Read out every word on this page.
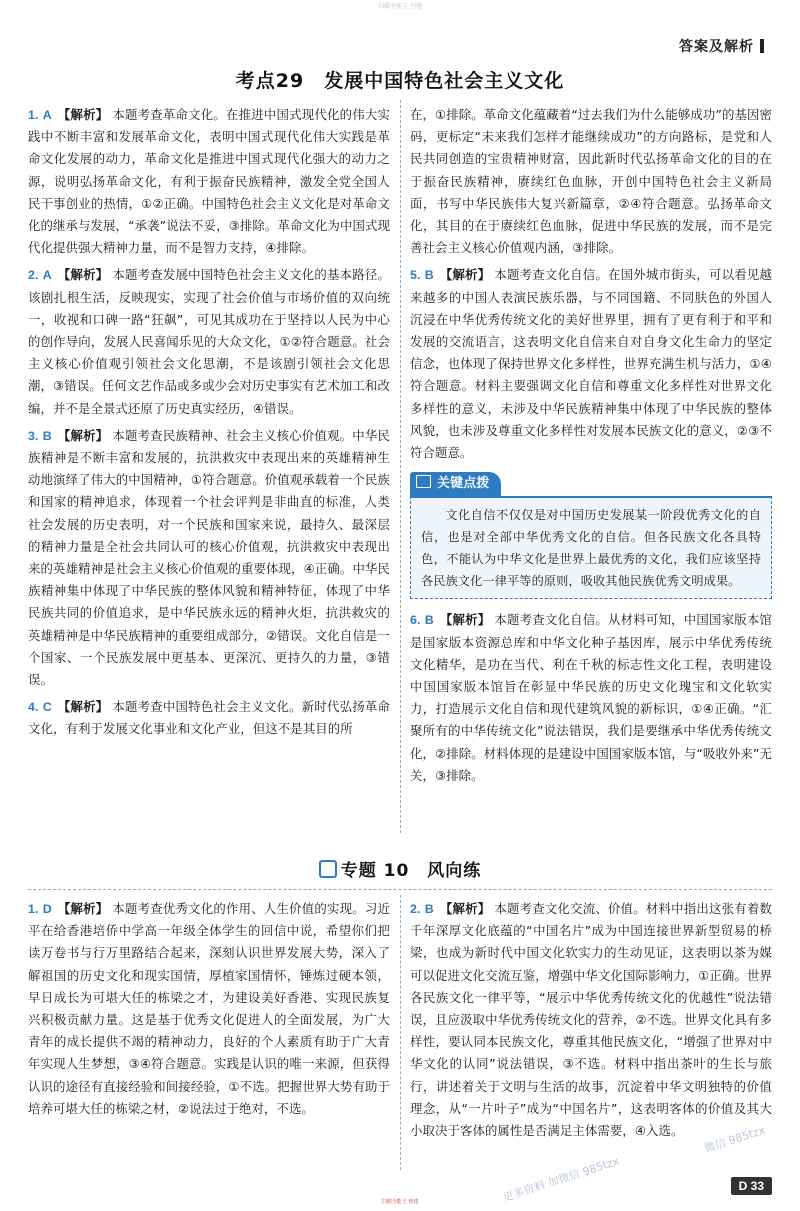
扫描全能王 创建
答案及解析
考点29　发展中国特色社会主义文化

1. A 【解析】 本题考查革命文化。在推进中国式现代化的伟大实践中不断丰富和发展革命文化，表明中国式现代化伟大实践是革命文化发展的动力，革命文化是推进中国式现代化强大的动力之源，说明弘扬革命文化，有利于振奋民族精神，激发全党全国人民干事创业的热情，①②正确。中国特色社会主义文化是对革命文化的继承与发展，“承袭”说法不妥，③排除。革命文化为中国式现代化提供强大精神力量，而不是智力支持，④排除。

2. A 【解析】 本题考查发展中国特色社会主义文化的基本路径。该剧扎根生活，反映现实，实现了社会价值与市场价值的双向统一，收视和口碑一路“狂飙”，可见其成功在于坚持以人民为中心的创作导向，发展人民喜闻乐见的大众文化，①②符合题意。社会主义核心价值观引领社会文化思潮，不是该剧引领社会文化思潮，③错误。任何文艺作品或多或少会对历史事实有艺术加工和改编，并不是全景式还原了历史真实经历，④错误。

3. B 【解析】 本题考查民族精神、社会主义核心价值观。中华民族精神是不断丰富和发展的，抗洪救灾中表现出来的英雄精神生动地演绎了伟大的中国精神，①符合题意。价值观承载着一个民族和国家的精神追求，体现着一个社会评判是非曲直的标准，人类社会发展的历史表明，对一个民族和国家来说，最持久、最深层的精神力量是全社会共同认可的核心价值观，抗洪救灾中表现出来的英雄精神是社会主义核心价值观的重要体现，④正确。中华民族精神集中体现了中华民族的整体风貌和精神特征，体现了中华民族共同的价值追求，是中华民族永远的精神火炬，抗洪救灾的英雄精神是中华民族精神的重要组成部分，②错误。文化自信是一个国家、一个民族发展中更基本、更深沉、更持久的力量，③错误。

4. C 【解析】 本题考查中国特色社会主义文化。新时代弘扬革命文化，有利于发展文化事业和文化产业，但这不是其目的所

在，①排除。革命文化蕴藏着“过去我们为什么能够成功”的基因密码，更标定“未来我们怎样才能继续成功”的方向路标，是党和人民共同创造的宝贵精神财富，因此新时代弘扬革命文化的目的在于振奋民族精神，赓续红色血脉，开创中国特色社会主义新局面，书写中华民族伟大复兴新篇章，②④符合题意。弘扬革命文化，其目的在于赓续红色血脉，促进中华民族的发展，而不是完善社会主义核心价值观内涵，③排除。

5. B 【解析】 本题考查文化自信。在国外城市街头，可以看见越来越多的中国人表演民族乐器，与不同国籍、不同肤色的外国人沉浸在中华优秀传统文化的美好世界里，拥有了更有利于和平和发展的交流语言，这表明文化自信来自对自身文化生命力的坚定信念，也体现了保持世界文化多样性，世界充满生机与活力，①④符合题意。材料主要强调文化自信和尊重文化多样性对世界文化多样性的意义，未涉及中华民族精神集中体现了中华民族的整体风貌，也未涉及尊重文化多样性对发展本民族文化的意义，②③不符合题意。

关键点拨
文化自信不仅仅是对中国历史发展某一阶段优秀文化的自信，也是对全部中华优秀文化的自信。但各民族文化各具特色，不能认为中华文化是世界上最优秀的文化，我们应该坚持各民族文化一律平等的原则，吸收其他民族优秀文明成果。

6. B 【解析】 本题考查文化自信。从材料可知，中国国家版本馆是国家版本资源总库和中华文化种子基因库，展示中华优秀传统文化精华，是功在当代、利在千秋的标志性文化工程，表明建设中国国家版本馆旨在彰显中华民族的历史文化瑰宝和文化软实力，打造展示文化自信和现代建筑风貌的新标识，①④正确。“汇聚所有的中华传统文化”说法错误，我们是要继承中华优秀传统文化，②排除。材料体现的是建设中国国家版本馆，与“吸收外来”无关，③排除。

专题 10　风向练

1. D 【解析】 本题考查优秀文化的作用、人生价值的实现。习近平在给香港培侨中学高一年级全体学生的回信中说，希望你们把读万卷书与行万里路结合起来，深刻认识世界发展大势，深入了解祖国的历史文化和现实国情，厚植家国情怀，锤炼过硬本领，早日成长为可堪大任的栋梁之才，为建设美好香港、实现民族复兴积极贡献力量。这是基于优秀文化促进人的全面发展，为广大青年的成长提供不竭的精神动力，良好的个人素质有助于广大青年实现人生梦想，③④符合题意。实践是认识的唯一来源，但获得认识的途径有直接经验和间接经验，①不选。把握世界大势有助于培养可堪大任的栋梁之材，②说法过于绝对，不选。

2. B 【解析】 本题考查文化交流、价值。材料中指出这张有着数千年深厚文化底蕴的“中国名片”成为中国连接世界新型贸易的桥梁，也成为新时代中国文化软实力的生动见证，这表明以茶为媒可以促进文化交流互鉴，增强中华文化国际影响力，①正确。世界各民族文化一律平等，“展示中华优秀传统文化的优越性”说法错误，且应汲取中华优秀传统文化的营养，②不选。世界文化具有多样性，要认同本民族文化，尊重其他民族文化，“增强了世界对中华文化的认同”说法错误，③不选。材料中指出茶叶的生长与旅行，讲述着关于文明与生活的故事，沉淀着中华文明独特的价值理念，从“一片叶子”成为“中国名片”，这表明客体的价值及其大小取决于客体的属性是否满足主体需要，④入选。	微信 985tzx
更多资料 加微信 985tzx	D 33
扫描全能王 创建
